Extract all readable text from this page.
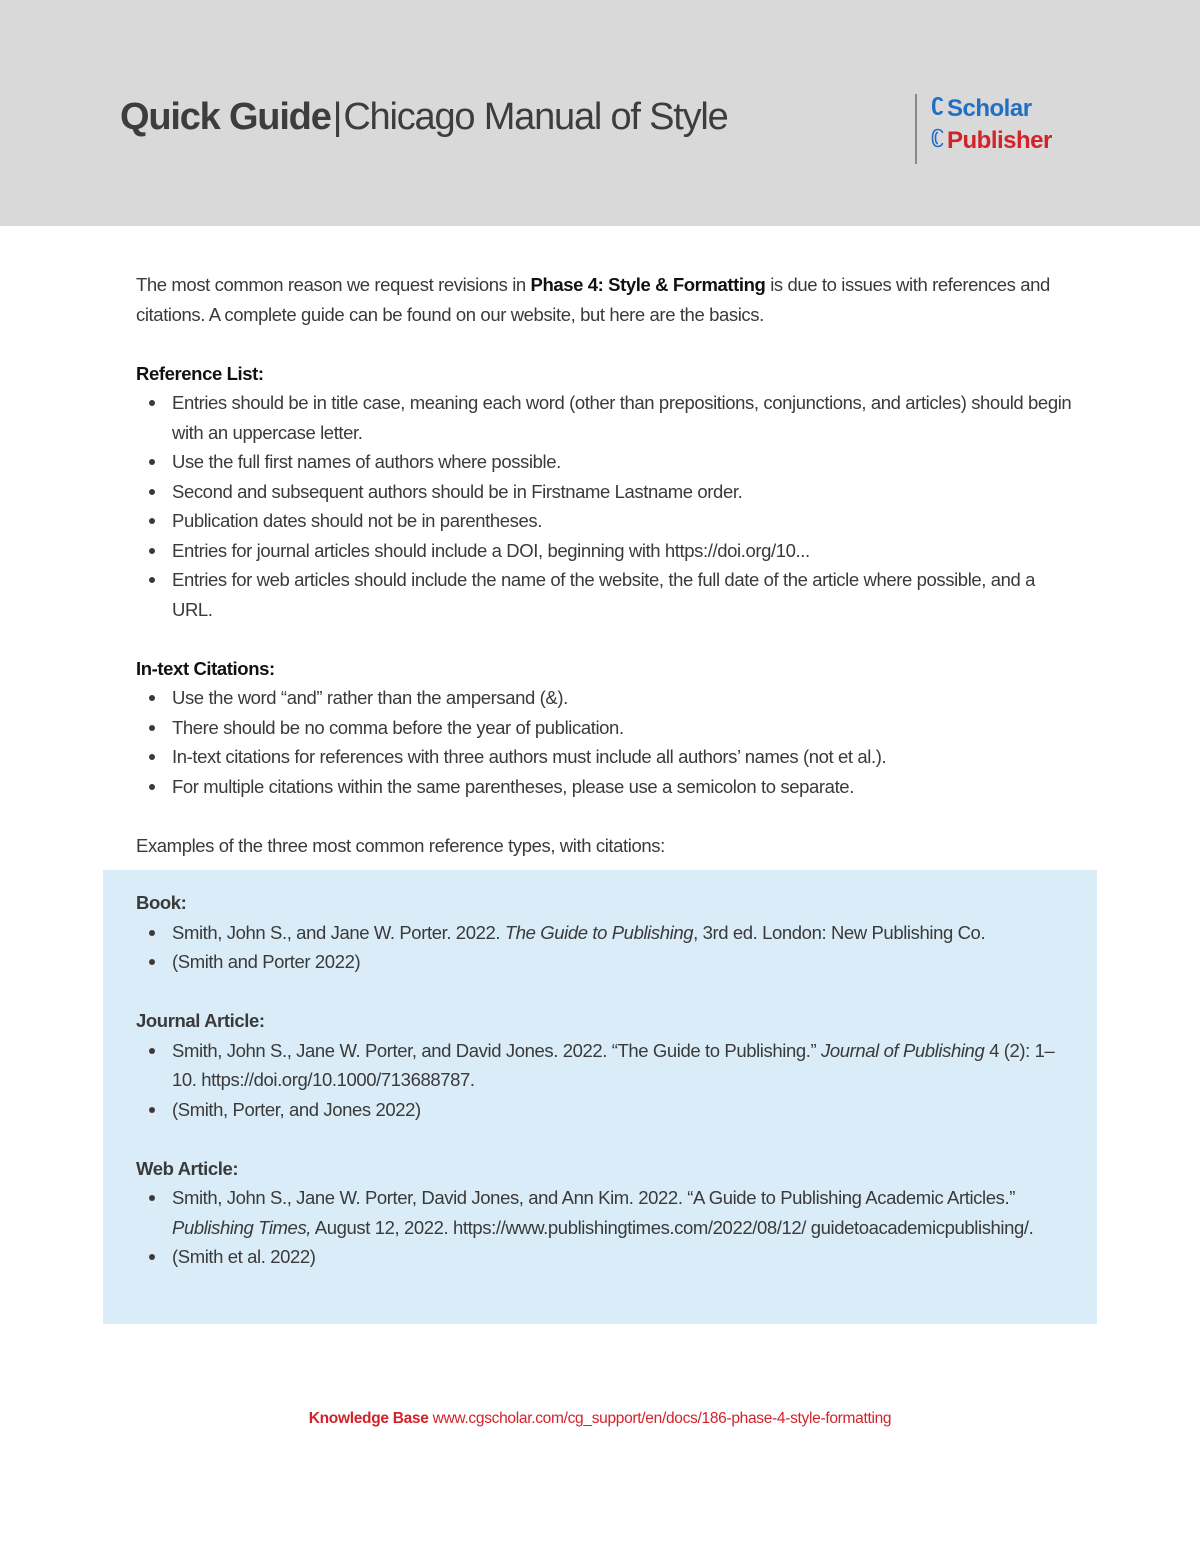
Quick Guide|Chicago Manual of Style	Scholar
Publisher

The most common reason we request revisions in Phase 4: Style & Formatting is due to issues with references and citations. A complete guide can be found on our website, but here are the basics.

Reference List:

Entries should be in title case, meaning each word (other than prepositions, conjunctions, and articles) should begin with an uppercase letter.
Use the full first names of authors where possible.
Second and subsequent authors should be in Firstname Lastname order.
Publication dates should not be in parentheses.
Entries for journal articles should include a DOI, beginning with https://doi.org/10...
Entries for web articles should include the name of the website, the full date of the article where possible, and a URL.

In-text Citations:

Use the word “and” rather than the ampersand (&).
There should be no comma before the year of publication.
In-text citations for references with three authors must include all authors’ names (not et al.).
For multiple citations within the same parentheses, please use a semicolon to separate.

Examples of the three most common reference types, with citations:

Book:

Smith, John S., and Jane W. Porter. 2022. The Guide to Publishing, 3rd ed. London: New Publishing Co.
(Smith and Porter 2022)

Journal Article:

Smith, John S., Jane W. Porter, and David Jones. 2022. “The Guide to Publishing.” Journal of Publishing 4 (2): 1–10. https://doi.org/10.1000/713688787.
(Smith, Porter, and Jones 2022)

Web Article:

Smith, John S., Jane W. Porter, David Jones, and Ann Kim. 2022. “A Guide to Publishing Academic Articles.” Publishing Times, August 12, 2022. https://www.publishingtimes.com/2022/08/12/ guidetoacademicpublishing/.
(Smith et al. 2022)
Knowledge Base www.cgscholar.com/cg_support/en/docs/186-phase-4-style-formatting
